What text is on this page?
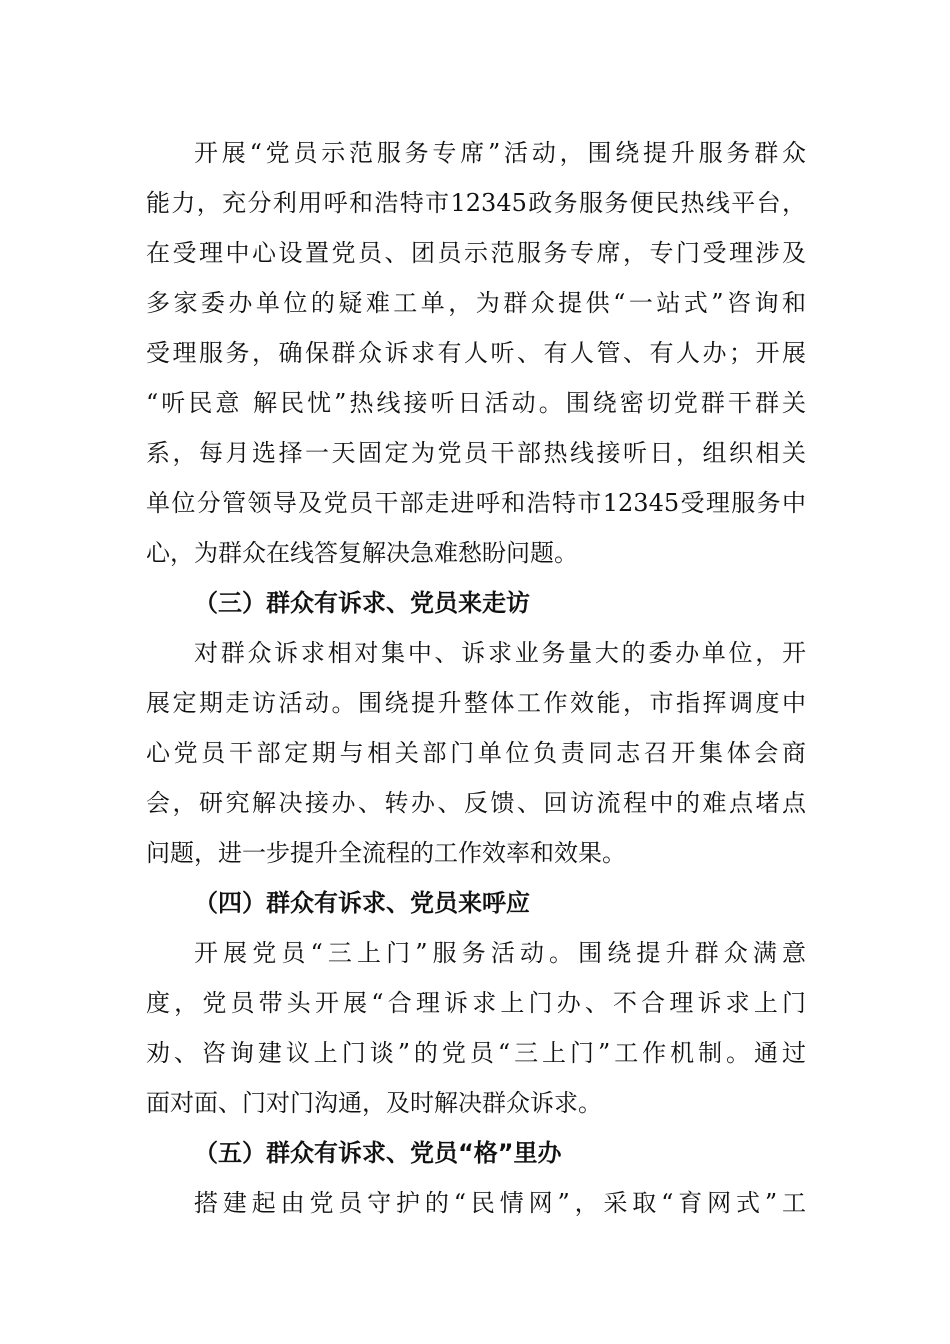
开展“党员示范服务专席”活动，围绕提升服务群众
能力，充分利用呼和浩特市12345政务服务便民热线平台，
在受理中心设置党员、团员示范服务专席，专门受理涉及
多家委办单位的疑难工单，为群众提供“一站式”咨询和
受理服务，确保群众诉求有人听、有人管、有人办；开展
“听民意 解民忧”热线接听日活动。围绕密切党群干群关
系，每月选择一天固定为党员干部热线接听日，组织相关
单位分管领导及党员干部走进呼和浩特市12345受理服务中
心，为群众在线答复解决急难愁盼问题。
（三）群众有诉求、党员来走访
对群众诉求相对集中、诉求业务量大的委办单位，开
展定期走访活动。围绕提升整体工作效能，市指挥调度中
心党员干部定期与相关部门单位负责同志召开集体会商
会，研究解决接办、转办、反馈、回访流程中的难点堵点
问题，进一步提升全流程的工作效率和效果。
（四）群众有诉求、党员来呼应
开展党员“三上门”服务活动。围绕提升群众满意
度，党员带头开展“合理诉求上门办、不合理诉求上门
劝、咨询建议上门谈”的党员“三上门”工作机制。通过
面对面、门对门沟通，及时解决群众诉求。
（五）群众有诉求、党员“格”里办
搭建起由党员守护的“民情网”，采取“育网式”工
